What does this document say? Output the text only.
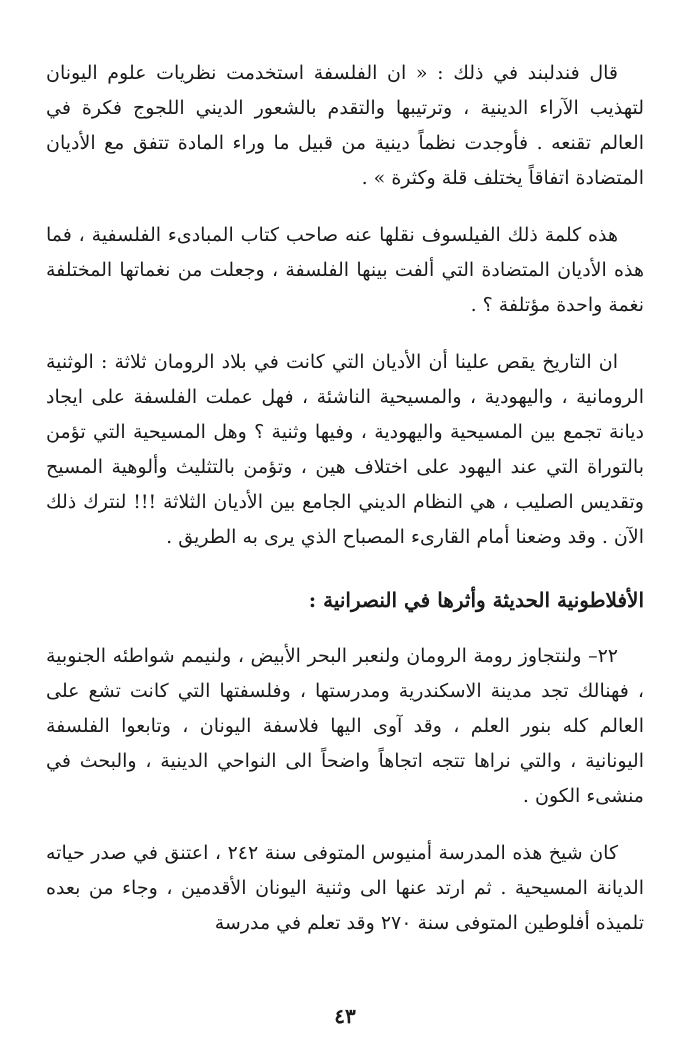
قال فندلبند في ذلك : « ان الفلسفة استخدمت نظريات علوم اليونان لتهذيب الآراء الدينية ، وترتيبها والتقدم بالشعور الديني اللجوج فكرة في العالم تقنعه . فأوجدت نظماً دينية من قبيل ما وراء المادة تتفق مع الأديان المتضادة اتفاقاً يختلف قلة وكثرة » .

هذه كلمة ذلك الفيلسوف نقلها عنه صاحب كتاب المبادىء الفلسفية ، فما هذه الأديان المتضادة التي ألفت بينها الفلسفة ، وجعلت من نغماتها المختلفة نغمة واحدة مؤتلفة ؟ .

ان التاريخ يقص علينا أن الأديان التي كانت في بلاد الرومان ثلاثة : الوثنية الرومانية ، واليهودية ، والمسيحية الناشئة ، فهل عملت الفلسفة على ايجاد ديانة تجمع بين المسيحية واليهودية ، وفيها وثنية ؟ وهل المسيحية التي تؤمن بالتوراة التي عند اليهود على اختلاف هين ، وتؤمن بالتثليث وألوهية المسيح وتقديس الصليب ، هي النظام الديني الجامع بين الأديان الثلاثة !!! لنترك ذلك الآن . وقد وضعنا أمام القارىء المصباح الذي يرى به الطريق .

الأفلاطونية الحديثة وأثرها في النصرانية :

٢٢– ولنتجاوز رومة الرومان ولنعبر البحر الأبيض ، ولنيمم شواطئه الجنوبية ، فهنالك تجد مدينة الاسكندرية ومدرستها ، وفلسفتها التي كانت تشع على العالم كله بنور العلم ، وقد آوى اليها فلاسفة اليونان ، وتابعوا الفلسفة اليونانية ، والتي نراها تتجه اتجاهاً واضحاً الى النواحي الدينية ، والبحث في منشىء الكون .

كان شيخ هذه المدرسة أمنيوس المتوفى سنة ٢٤٢ ، اعتنق في صدر حياته الديانة المسيحية . ثم ارتد عنها الى وثنية اليونان الأقدمين ، وجاء من بعده تلميذه أفلوطين المتوفى سنة ٢٧٠ وقد تعلم في مدرسة

٤٣
